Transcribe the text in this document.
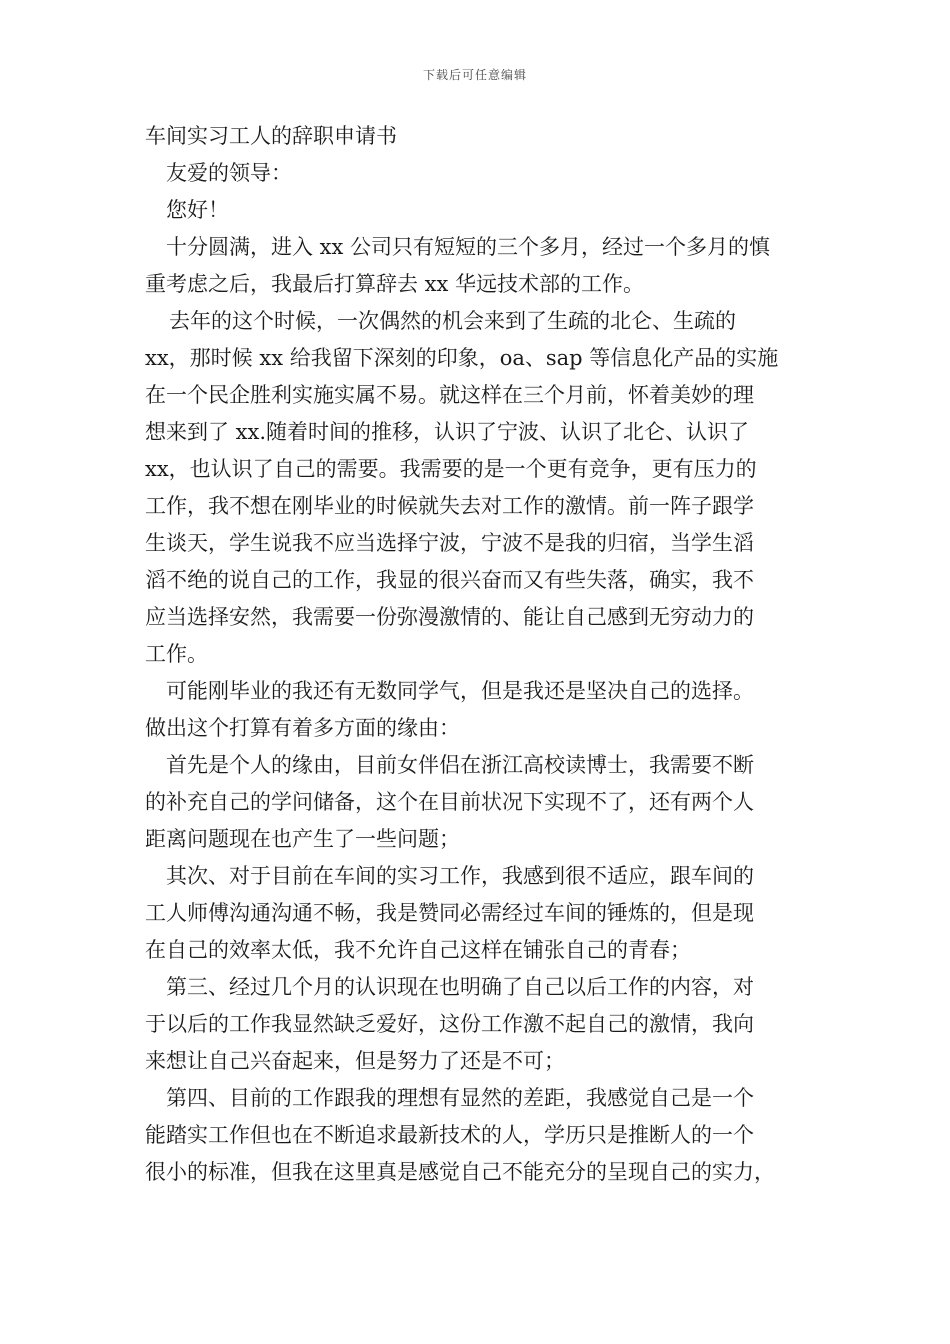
下载后可任意编辑
车间实习工人的辞职申请书

友爱的领导：

您好！

十分圆满，进入 xx 公司只有短短的三个多月，经过一个多月的慎
重考虑之后，我最后打算辞去 xx 华远技术部的工作。

去年的这个时候，一次偶然的机会来到了生疏的北仑、生疏的
xx，那时候 xx 给我留下深刻的印象，oa、sap 等信息化产品的实施
在一个民企胜利实施实属不易。就这样在三个月前，怀着美妙的理
想来到了 xx.随着时间的推移，认识了宁波、认识了北仑、认识了
xx，也认识了自己的需要。我需要的是一个更有竞争，更有压力的
工作，我不想在刚毕业的时候就失去对工作的激情。前一阵子跟学
生谈天，学生说我不应当选择宁波，宁波不是我的归宿，当学生滔
滔不绝的说自己的工作，我显的很兴奋而又有些失落，确实，我不
应当选择安然，我需要一份弥漫激情的、能让自己感到无穷动力的
工作。

可能刚毕业的我还有无数同学气，但是我还是坚决自己的选择。
做出这个打算有着多方面的缘由：

首先是个人的缘由，目前女伴侣在浙江高校读博士，我需要不断
的补充自己的学问储备，这个在目前状况下实现不了，还有两个人
距离问题现在也产生了一些问题；

其次、对于目前在车间的实习工作，我感到很不适应，跟车间的
工人师傅沟通沟通不畅，我是赞同必需经过车间的锤炼的，但是现
在自己的效率太低，我不允许自己这样在铺张自己的青春；

第三、经过几个月的认识现在也明确了自己以后工作的内容，对
于以后的工作我显然缺乏爱好，这份工作激不起自己的激情，我向
来想让自己兴奋起来，但是努力了还是不可；

第四、目前的工作跟我的理想有显然的差距，我感觉自己是一个
能踏实工作但也在不断追求最新技术的人，学历只是推断人的一个
很小的标准，但我在这里真是感觉自己不能充分的呈现自己的实力，
